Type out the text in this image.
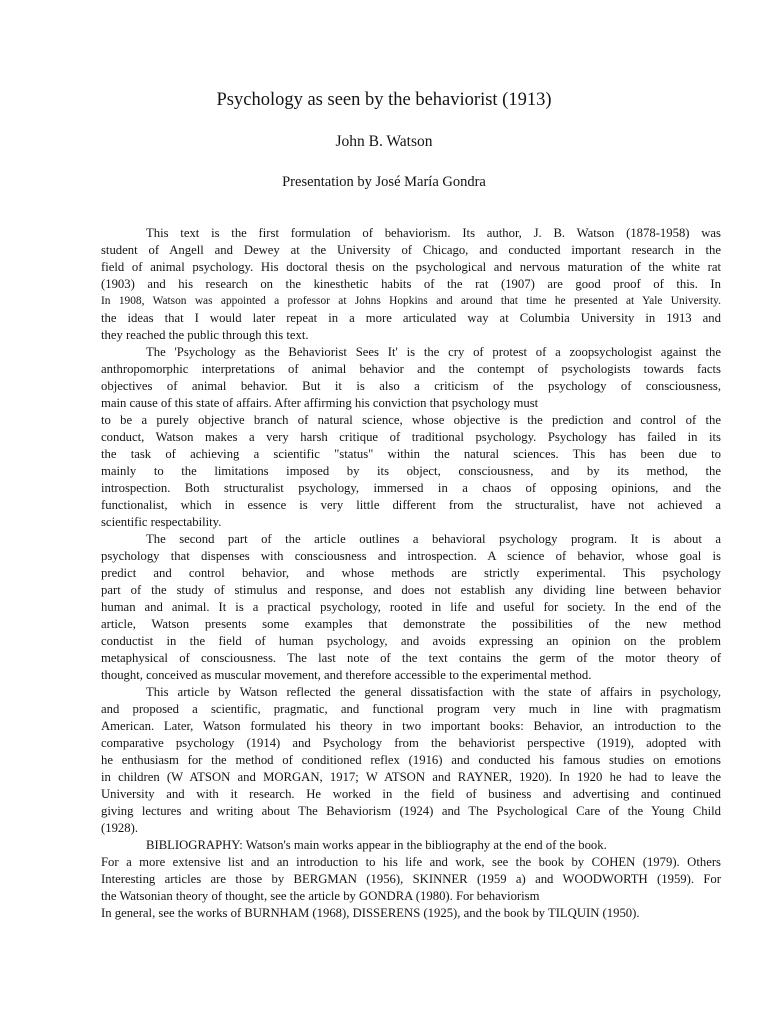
Psychology as seen by the behaviorist (1913)
John B. Watson
Presentation by José María Gondra
This text is the first formulation of behaviorism. Its author, J. B. Watson (1878-1958) was
student of Angell and Dewey at the University of Chicago, and conducted important research in the
field of animal psychology. His doctoral thesis on the psychological and nervous maturation of the white rat
(1903) and his research on the kinesthetic habits of the rat (1907) are good proof of this. In
In 1908, Watson was appointed a professor at Johns Hopkins and around that time he presented at Yale University.
the ideas that I would later repeat in a more articulated way at Columbia University in 1913 and
they reached the public through this text.
The 'Psychology as the Behaviorist Sees It' is the cry of protest of a zoopsychologist against the
anthropomorphic interpretations of animal behavior and the contempt of psychologists towards facts
objectives of animal behavior. But it is also a criticism of the psychology of consciousness,
main cause of this state of affairs. After affirming his conviction that psychology must
to be a purely objective branch of natural science, whose objective is the prediction and control of the
conduct, Watson makes a very harsh critique of traditional psychology. Psychology has failed in its
the task of achieving a scientific "status" within the natural sciences. This has been due to
mainly to the limitations imposed by its object, consciousness, and by its method, the
introspection. Both structuralist psychology, immersed in a chaos of opposing opinions, and the
functionalist, which in essence is very little different from the structuralist, have not achieved a
scientific respectability.
The second part of the article outlines a behavioral psychology program. It is about a
psychology that dispenses with consciousness and introspection. A science of behavior, whose goal is
predict and control behavior, and whose methods are strictly experimental. This psychology
part of the study of stimulus and response, and does not establish any dividing line between behavior
human and animal. It is a practical psychology, rooted in life and useful for society. In the end of the
article, Watson presents some examples that demonstrate the possibilities of the new method
conductist in the field of human psychology, and avoids expressing an opinion on the problem
metaphysical of consciousness. The last note of the text contains the germ of the motor theory of
thought, conceived as muscular movement, and therefore accessible to the experimental method.
This article by Watson reflected the general dissatisfaction with the state of affairs in psychology,
and proposed a scientific, pragmatic, and functional program very much in line with pragmatism
American. Later, Watson formulated his theory in two important books: Behavior, an introduction to the
comparative psychology (1914) and Psychology from the behaviorist perspective (1919), adopted with
he enthusiasm for the method of conditioned reflex (1916) and conducted his famous studies on emotions
in children (W ATSON and MORGAN, 1917; W ATSON and RAYNER, 1920). In 1920 he had to leave the
University and with it research. He worked in the field of business and advertising and continued
giving lectures and writing about The Behaviorism (1924) and The Psychological Care of the Young Child
(1928).
BIBLIOGRAPHY: Watson's main works appear in the bibliography at the end of the book.
For a more extensive list and an introduction to his life and work, see the book by COHEN (1979). Others
Interesting articles are those by BERGMAN (1956), SKINNER (1959 a) and WOODWORTH (1959). For
the Watsonian theory of thought, see the article by GONDRA (1980). For behaviorism
In general, see the works of BURNHAM (1968), DISSERENS (1925), and the book by TILQUIN (1950).
